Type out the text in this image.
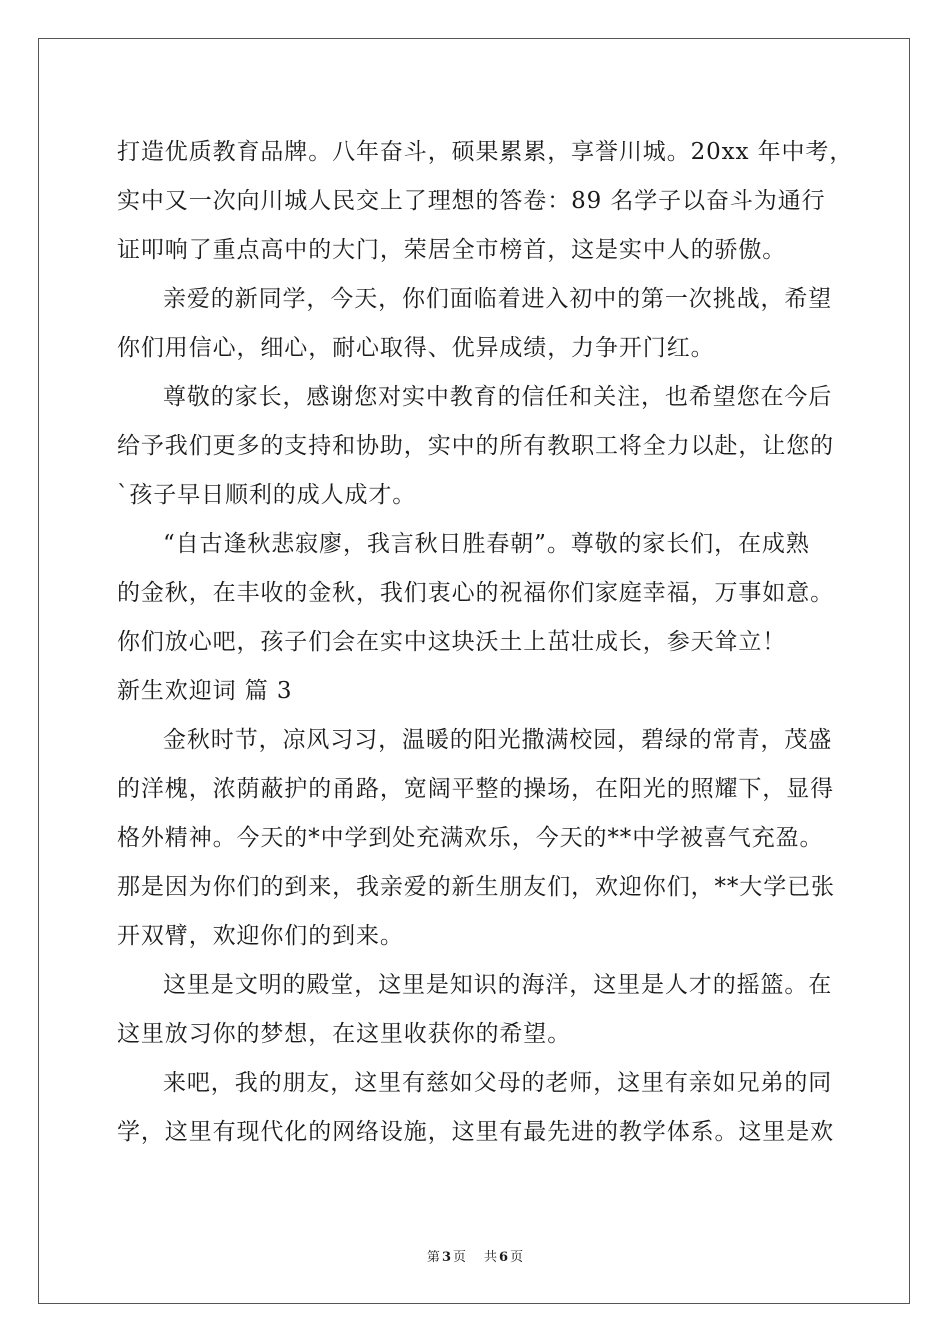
打造优质教育品牌。八年奋斗，硕果累累，享誉川城。20xx 年中考，
实中又一次向川城人民交上了理想的答卷：89 名学子以奋斗为通行
证叩响了重点高中的大门，荣居全市榜首，这是实中人的骄傲。
亲爱的新同学，今天，你们面临着进入初中的第一次挑战，希望
你们用信心，细心，耐心取得、优异成绩，力争开门红。
尊敬的家长，感谢您对实中教育的信任和关注，也希望您在今后
给予我们更多的支持和协助，实中的所有教职工将全力以赴，让您的
`孩子早日顺利的成人成才。
“自古逢秋悲寂廖，我言秋日胜春朝”。尊敬的家长们，在成熟
的金秋，在丰收的金秋，我们衷心的祝福你们家庭幸福，万事如意。
你们放心吧，孩子们会在实中这块沃土上茁壮成长，参天耸立！
新生欢迎词 篇 3
金秋时节，凉风习习，温暖的阳光撒满校园，碧绿的常青，茂盛
的洋槐，浓荫蔽护的甬路，宽阔平整的操场，在阳光的照耀下，显得
格外精神。今天的*中学到处充满欢乐，今天的**中学被喜气充盈。
那是因为你们的到来，我亲爱的新生朋友们，欢迎你们，**大学已张
开双臂，欢迎你们的到来。
这里是文明的殿堂，这里是知识的海洋，这里是人才的摇篮。在
这里放习你的梦想，在这里收获你的希望。
来吧，我的朋友，这里有慈如父母的老师，这里有亲如兄弟的同
学，这里有现代化的网络设施，这里有最先进的教学体系。这里是欢
第 3 页 共 6 页
